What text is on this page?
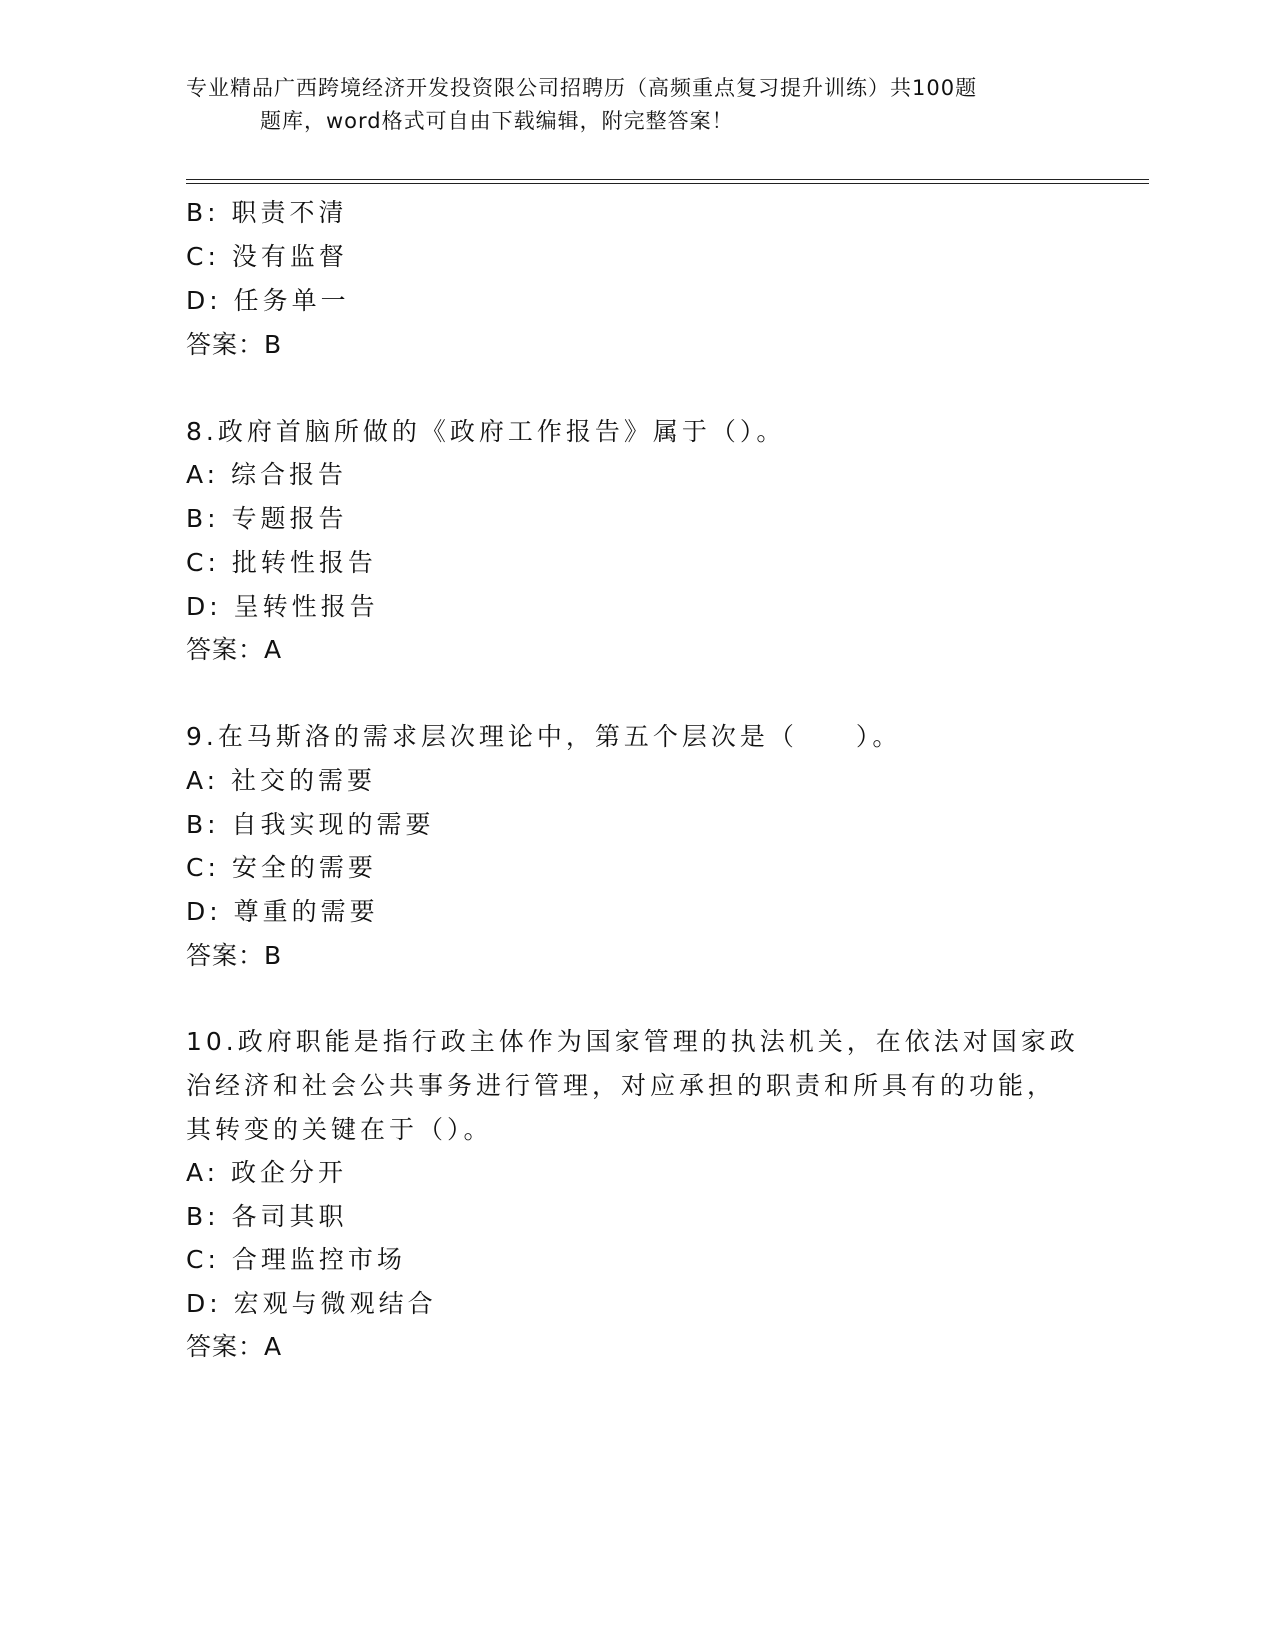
专业精品广西跨境经济开发投资限公司招聘历（高频重点复习提升训练）共100题
题库，word格式可自由下载编辑，附完整答案！
B: 职责不清
C: 没有监督
D: 任务单一
答案：B
8.政府首脑所做的《政府工作报告》属于（）。
A: 综合报告
B: 专题报告
C: 批转性报告
D: 呈转性报告
答案：A
9.在马斯洛的需求层次理论中，第五个层次是（　　）。
A: 社交的需要
B: 自我实现的需要
C: 安全的需要
D: 尊重的需要
答案：B
10.政府职能是指行政主体作为国家管理的执法机关，在依法对国家政
治经济和社会公共事务进行管理，对应承担的职责和所具有的功能，
其转变的关键在于（）。
A: 政企分开
B: 各司其职
C: 合理监控市场
D: 宏观与微观结合
答案：A
